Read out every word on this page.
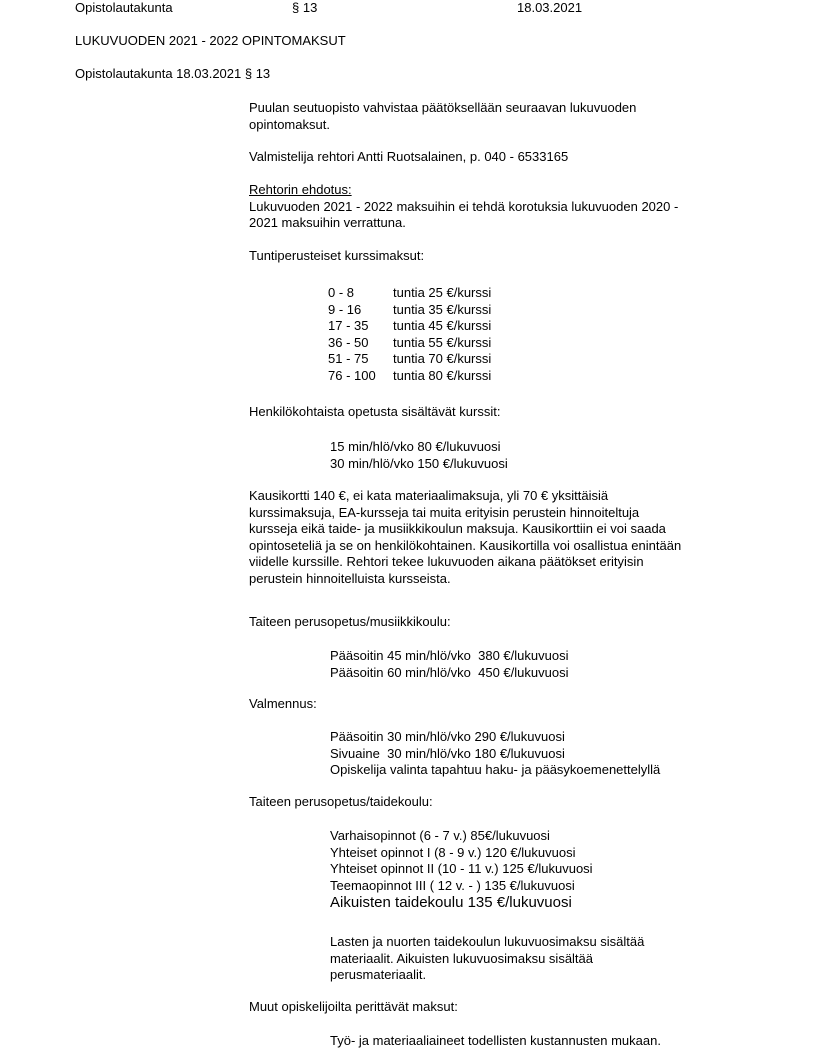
Opistolautakunta	§ 13	18.03.2021
LUKUVUODEN 2021 - 2022 OPINTOMAKSUT
Opistolautakunta 18.03.2021 § 13
Puulan seutuopisto vahvistaa päätöksellään seuraavan lukuvuoden
opintomaksut.
Valmistelija rehtori Antti Ruotsalainen, p. 040 - 6533165
Rehtorin ehdotus:
Lukuvuoden 2021 - 2022 maksuihin ei tehdä korotuksia lukuvuoden 2020 -
2021 maksuihin verrattuna.
Tuntiperusteiset kurssimaksut:
0 - 8	tuntia 25 €/kurssi
9 - 16	tuntia 35 €/kurssi
17 - 35	tuntia 45 €/kurssi
36 - 50	tuntia 55 €/kurssi
51 - 75	tuntia 70 €/kurssi
76 - 100	tuntia 80 €/kurssi
Henkilökohtaista opetusta sisältävät kurssit:
15 min/hlö/vko 80 €/lukuvuosi
30 min/hlö/vko 150 €/lukuvuosi
Kausikortti 140 €, ei kata materiaalimaksuja, yli 70 € yksittäisiä
kurssimaksuja, EA-kursseja tai muita erityisin perustein hinnoiteltuja
kursseja eikä taide- ja musiikkikoulun maksuja. Kausikorttiin ei voi saada
opintoseteliä ja se on henkilökohtainen. Kausikortilla voi osallistua enintään
viidelle kurssille. Rehtori tekee lukuvuoden aikana päätökset erityisin
perustein hinnoitelluista kursseista.
Taiteen perusopetus/musiikkikoulu:
Pääsoitin 45 min/hlö/vko  380 €/lukuvuosi
Pääsoitin 60 min/hlö/vko  450 €/lukuvuosi
Valmennus:
Pääsoitin 30 min/hlö/vko 290 €/lukuvuosi
Sivuaine  30 min/hlö/vko 180 €/lukuvuosi
Opiskelija valinta tapahtuu haku- ja pääsykoemenettelyllä
Taiteen perusopetus/taidekoulu:
Varhaisopinnot (6 - 7 v.) 85€/lukuvuosi
Yhteiset opinnot I (8 - 9 v.) 120 €/lukuvuosi
Yhteiset opinnot II (10 - 11 v.) 125 €/lukuvuosi
Teemaopinnot III ( 12 v. - ) 135 €/lukuvuosi
Aikuisten taidekoulu 135 €/lukuvuosi
Lasten ja nuorten taidekoulun lukuvuosimaksu sisältää
materiaalit. Aikuisten lukuvuosimaksu sisältää
perusmateriaalit.
Muut opiskelijoilta perittävät maksut:
Työ- ja materiaaliaineet todellisten kustannusten mukaan.
